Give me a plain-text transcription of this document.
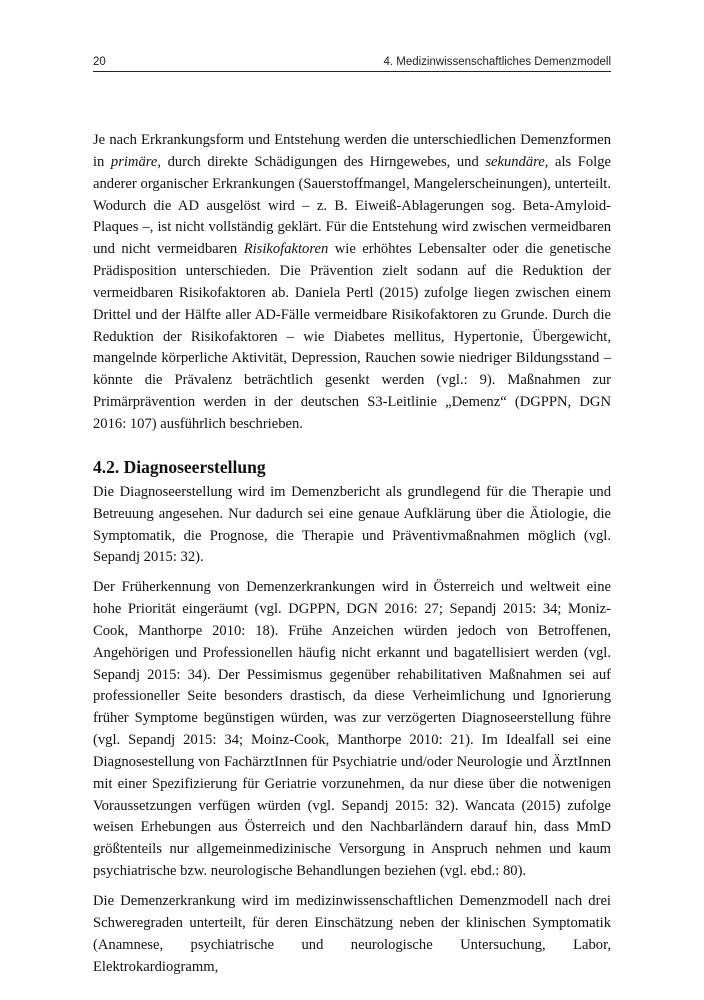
20	4. Medizinwissenschaftliches Demenzmodell

Je nach Erkrankungsform und Entstehung werden die unterschiedlichen Demenzformen in primäre, durch direkte Schädigungen des Hirngewebes, und sekundäre, als Folge anderer organischer Erkrankungen (Sauerstoffmangel, Mangelerscheinungen), unterteilt. Wodurch die AD ausgelöst wird – z. B. Eiweiß-Ablagerungen sog. Beta-Amyloid-Plaques –, ist nicht vollständig geklärt. Für die Entstehung wird zwischen vermeidbaren und nicht vermeidbaren Risikofaktoren wie erhöhtes Lebensalter oder die genetische Prädisposition unterschieden. Die Prävention zielt sodann auf die Reduktion der vermeidbaren Risikofaktoren ab. Daniela Pertl (2015) zufolge liegen zwischen einem Drittel und der Hälfte aller AD-Fälle vermeidbare Risikofaktoren zu Grunde. Durch die Reduktion der Risikofaktoren – wie Diabetes mellitus, Hypertonie, Übergewicht, mangelnde körperliche Aktivität, Depression, Rauchen sowie niedriger Bildungsstand – könnte die Prävalenz beträchtlich gesenkt werden (vgl.: 9). Maßnahmen zur Primärprävention werden in der deutschen S3-Leitlinie „Demenz“ (DGPPN, DGN 2016: 107) ausführlich beschrieben.

4.2. Diagnoseerstellung

Die Diagnoseerstellung wird im Demenzbericht als grundlegend für die Therapie und Betreuung angesehen. Nur dadurch sei eine genaue Aufklärung über die Ätiologie, die Symptomatik, die Prognose, die Therapie und Präventivmaßnahmen möglich (vgl. Sepandj 2015: 32).

Der Früherkennung von Demenzerkrankungen wird in Österreich und weltweit eine hohe Priorität eingeräumt (vgl. DGPPN, DGN 2016: 27; Sepandj 2015: 34; Moniz-Cook, Manthorpe 2010: 18). Frühe Anzeichen würden jedoch von Betroffenen, Angehörigen und Professionellen häufig nicht erkannt und bagatellisiert werden (vgl. Sepandj 2015: 34). Der Pessimismus gegenüber rehabilitativen Maßnahmen sei auf professioneller Seite besonders drastisch, da diese Verheimlichung und Ignorierung früher Symptome begünstigen würden, was zur verzögerten Diagnoseerstellung führe (vgl. Sepandj 2015: 34; Moinz-Cook, Manthorpe 2010: 21). Im Idealfall sei eine Diagnosestellung von FachärztInnen für Psychiatrie und/oder Neurologie und ÄrztInnen mit einer Spezifizierung für Geriatrie vorzunehmen, da nur diese über die notwenigen Voraussetzungen verfügen würden (vgl. Sepandj 2015: 32). Wancata (2015) zufolge weisen Erhebungen aus Österreich und den Nachbarländern darauf hin, dass MmD größtenteils nur allgemeinmedizinische Versorgung in Anspruch nehmen und kaum psychiatrische bzw. neurologische Behandlungen beziehen (vgl. ebd.: 80).

Die Demenzerkrankung wird im medizinwissenschaftlichen Demenzmodell nach drei Schweregraden unterteilt, für deren Einschätzung neben der klinischen Symptomatik (Anamnese, psychiatrische und neurologische Untersuchung, Labor, Elektrokardiogramm,
